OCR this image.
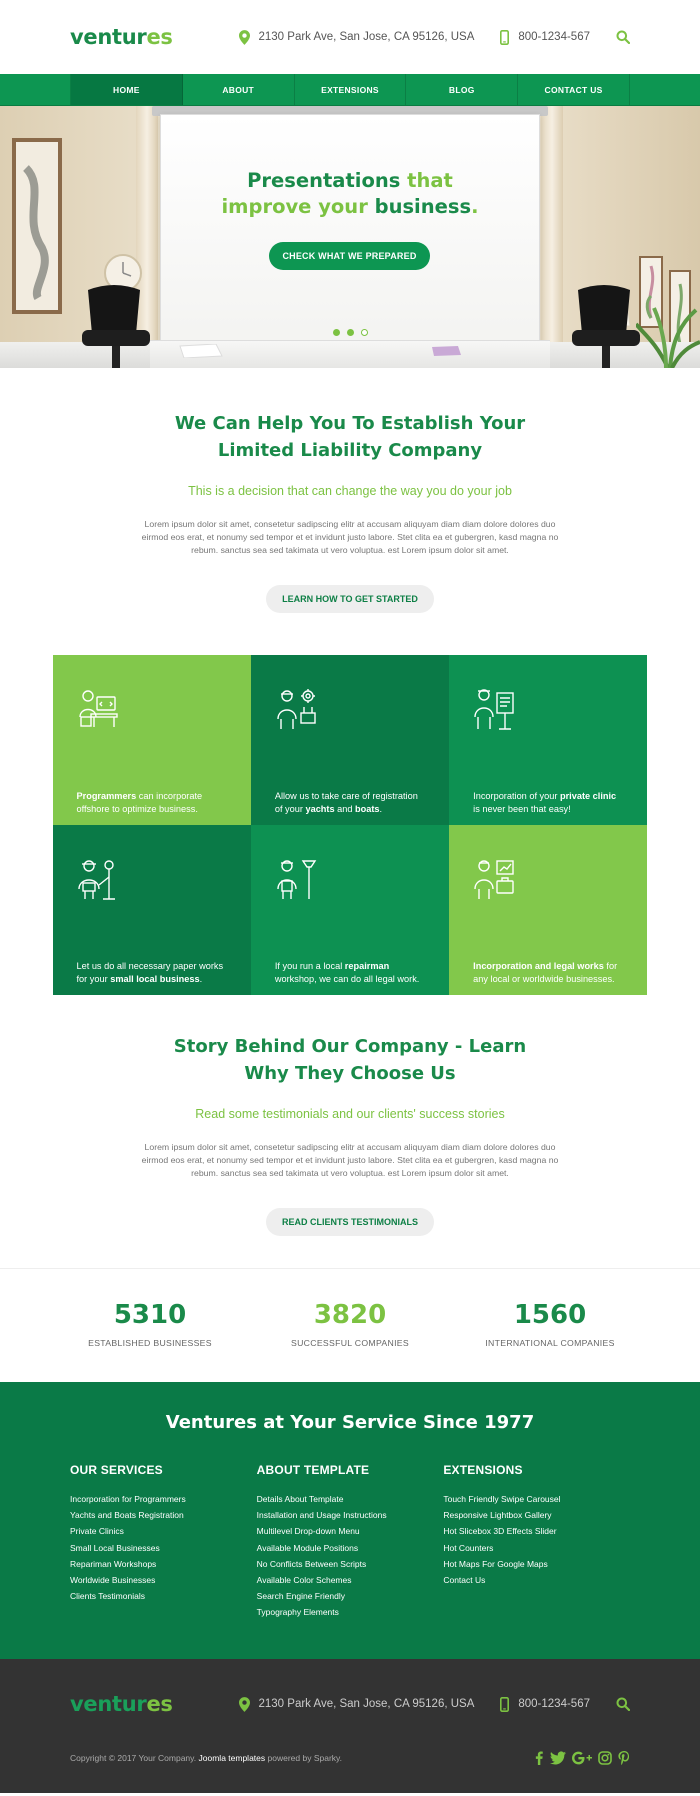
ventures	2130 Park Ave, San Jose, CA 95126, USA	800-1234-567
HOME	ABOUT	EXTENSIONS	BLOG	CONTACT US
Presentations that
improve your business.
CHECK WHAT WE PREPARED
We Can Help You To Establish Your
Limited Liability Company
This is a decision that can change the way you do your job
Lorem ipsum dolor sit amet, consetetur sadipscing elitr at accusam aliquyam diam diam dolore dolores duo eirmod eos erat, et nonumy sed tempor et et invidunt justo labore. Stet clita ea et gubergren, kasd magna no rebum. sanctus sea sed takimata ut vero voluptua. est Lorem ipsum dolor sit amet.
LEARN HOW TO GET STARTED
Programmers can incorporate offshore to optimize business.
Allow us to take care of registration of your yachts and boats.
Incorporation of your private clinic is never been that easy!
Let us do all necessary paper works for your small local business.
If you run a local repairman workshop, we can do all legal work.
Incorporation and legal works for any local or worldwide businesses.
Story Behind Our Company - Learn
Why They Choose Us
Read some testimonials and our clients' success stories
Lorem ipsum dolor sit amet, consetetur sadipscing elitr at accusam aliquyam diam diam dolore dolores duo eirmod eos erat, et nonumy sed tempor et et invidunt justo labore. Stet clita ea et gubergren, kasd magna no rebum. sanctus sea sed takimata ut vero voluptua. est Lorem ipsum dolor sit amet.
READ CLIENTS TESTIMONIALS
5310
ESTABLISHED BUSINESSES
3820
SUCCESSFUL COMPANIES
1560
INTERNATIONAL COMPANIES
Ventures at Your Service Since 1977
OUR SERVICES
Incorporation for Programmers
Yachts and Boats Registration
Private Clinics
Small Local Businesses
Repariman Workshops
Worldwide Businesses
Clients Testimonials
ABOUT TEMPLATE
Details About Template
Installation and Usage Instructions
Multilevel Drop-down Menu
Available Module Positions
No Conflicts Between Scripts
Available Color Schemes
Search Engine Friendly
Typography Elements
EXTENSIONS
Touch Friendly Swipe Carousel
Responsive Lightbox Gallery
Hot Slicebox 3D Effects Slider
Hot Counters
Hot Maps For Google Maps
Contact Us
ventures	2130 Park Ave, San Jose, CA 95126, USA	800-1234-567
Copyright © 2017 Your Company. Joomla templates powered by Sparky.
